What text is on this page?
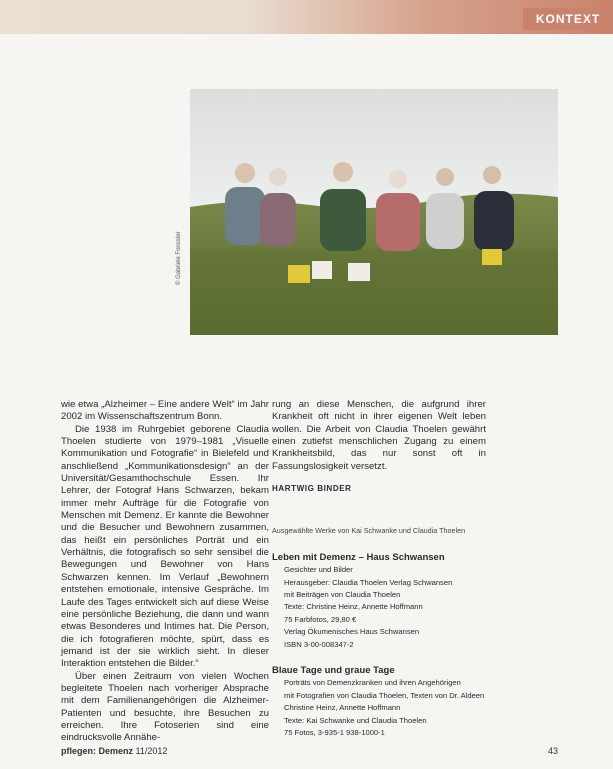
KONTEXT
© Gabriele Fonssler

wie etwa „Alzheimer – Eine andere Welt“ im Jahr 2002 im Wissenschaftszentrum Bonn.

Die 1938 im Ruhrgebiet geborene Claudia Thoelen studierte von 1979–1981 „Visuelle Kommunikation und Fotografie“ in Bielefeld und anschließend „Kommunikationsdesign“ an der Universität/Gesamthochschule Essen. Ihr Lehrer, der Fotograf Hans Schwarzen, bekam immer mehr Aufträge für die Fotografie von Menschen mit Demenz. Er kannte die Bewohner und die Besucher und Bewohnern zusammen, das heißt ein persönliches Porträt und ein Verhältnis, die fotografisch so sehr sensibel die Bewegungen und Bewohner von Hans Schwarzen kennen. Im Verlauf „Bewohnern entstehen emotionale, intensive Gespräche. Im Laufe des Tages entwickelt sich auf diese Weise eine persönliche Beziehung, die dann und wann etwas Besonderes und Intimes hat. Die Person, die ich fotografieren möchte, spürt, dass es jemand ist der sie wirklich sieht. In dieser Interaktion entstehen die Bilder.“

Über einen Zeitraum von vielen Wochen begleitete Thoelen nach vorheriger Absprache mit dem Familienangehörigen die Alzheimer-Patienten und besuchte, ihre Besuchen zu erreichen. Ihre Fotoserien sind eine eindrucksvolle Annähe-

rung an diese Menschen, die aufgrund ihrer Krankheit oft nicht in ihrer eigenen Welt leben wollen. Die Arbeit von Claudia Thoelen gewährt einen zutiefst menschlichen Zugang zu einem Krankheitsbild, das nur sonst oft in Fassungslosigkeit versetzt.

HARTWIG BINDER

Ausgewählte Werke von Kai Schwanke und Claudia Thoelen

Leben mit Demenz – Haus Schwansen

Gesichter und Bilder
Herausgeber: Claudia Thoelen Verlag Schwansen
mit Beiträgen von Claudia Thoelen
Texte: Christine Heinz, Annette Hoffmann
75 Farbfotos, 29,80 €
Verlag Ökumenisches Haus Schwansen
ISBN 3-00-008347-2

Blaue Tage und graue Tage

Porträts von Demenzkranken und ihren Angehörigen
mit Fotografien von Claudia Thoelen, Texten von Dr. Aldeen
Christine Heinz, Annette Hoffmann
Texte: Kai Schwanke und Claudia Thoelen
75 Fotos, 3-935-1 938-1000-1
pflegen: Demenz 11/2012	43
